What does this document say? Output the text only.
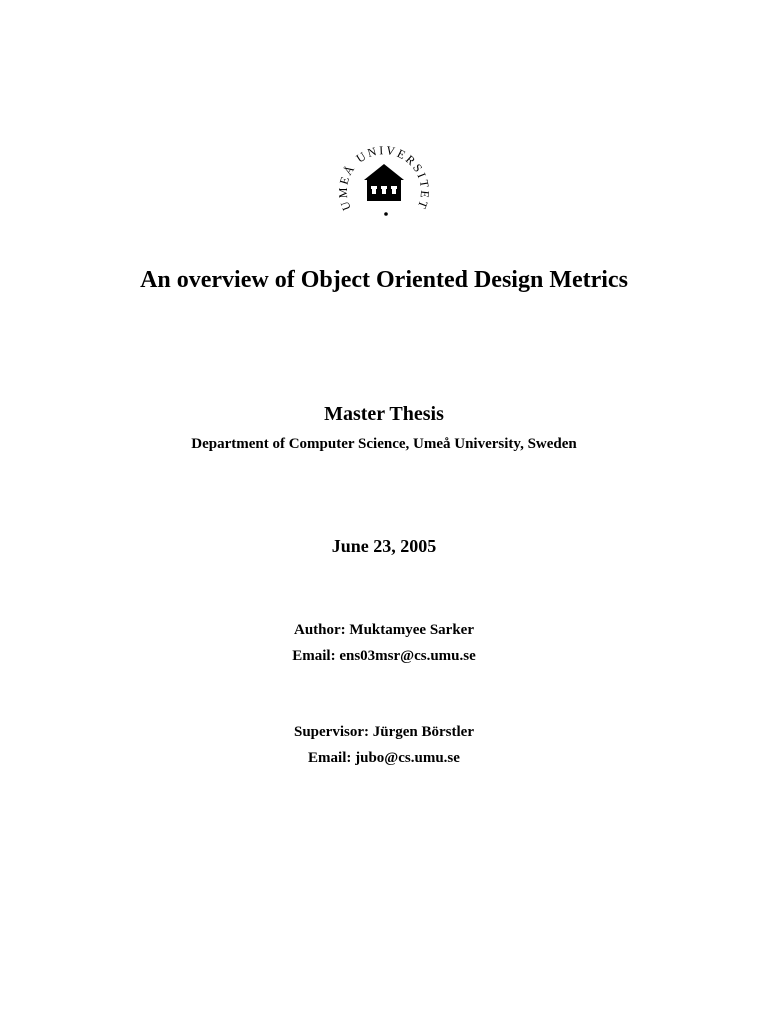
UMEÅ UNIVERSITET
An overview of Object Oriented Design Metrics
Master Thesis
Department of Computer Science, Umeå University, Sweden
June 23, 2005
Author: Muktamyee Sarker
Email: ens03msr@cs.umu.se
Supervisor: Jürgen Börstler
Email: jubo@cs.umu.se
